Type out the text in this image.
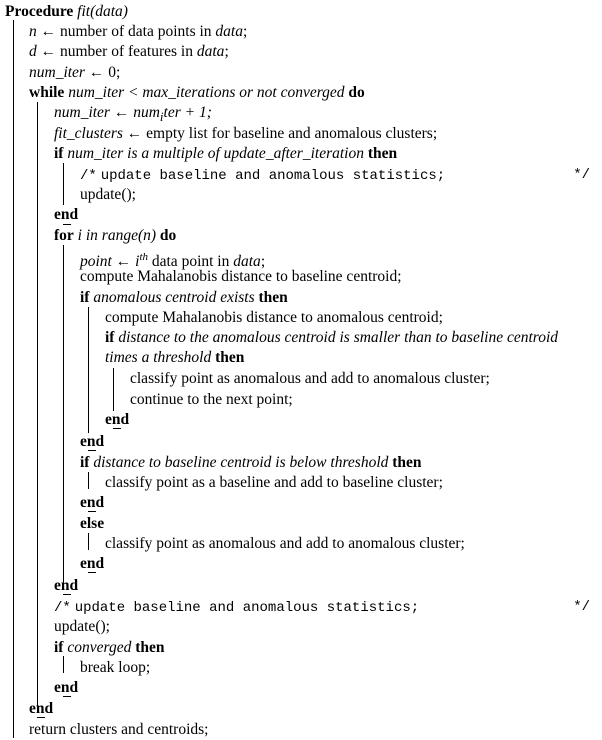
Procedure fit(data)
n ← number of data points in data;
d ← number of features in data;
num_iter ← 0;
while num_iter < max_iterations or not converged do
num_iter ← num$_i$ter + 1;
fit_clusters ← empty list for baseline and anomalous clusters;
if num_iter is a multiple of update_after_iteration then
/* update baseline and anomalous statistics;	*/
update();
end
for i in range(n) do
point ← $i^{th}$ data point in data;
compute Mahalanobis distance to baseline centroid;
if anomalous centroid exists then
compute Mahalanobis distance to anomalous centroid;
if distance to the anomalous centroid is smaller than to baseline centroid
times a threshold then
classify point as anomalous and add to anomalous cluster;
continue to the next point;
end
end
if distance to baseline centroid is below threshold then
classify point as a baseline and add to baseline cluster;
end
else
classify point as anomalous and add to anomalous cluster;
end
end
/* update baseline and anomalous statistics;	*/
update();
if converged then
break loop;
end
end
return clusters and centroids;
